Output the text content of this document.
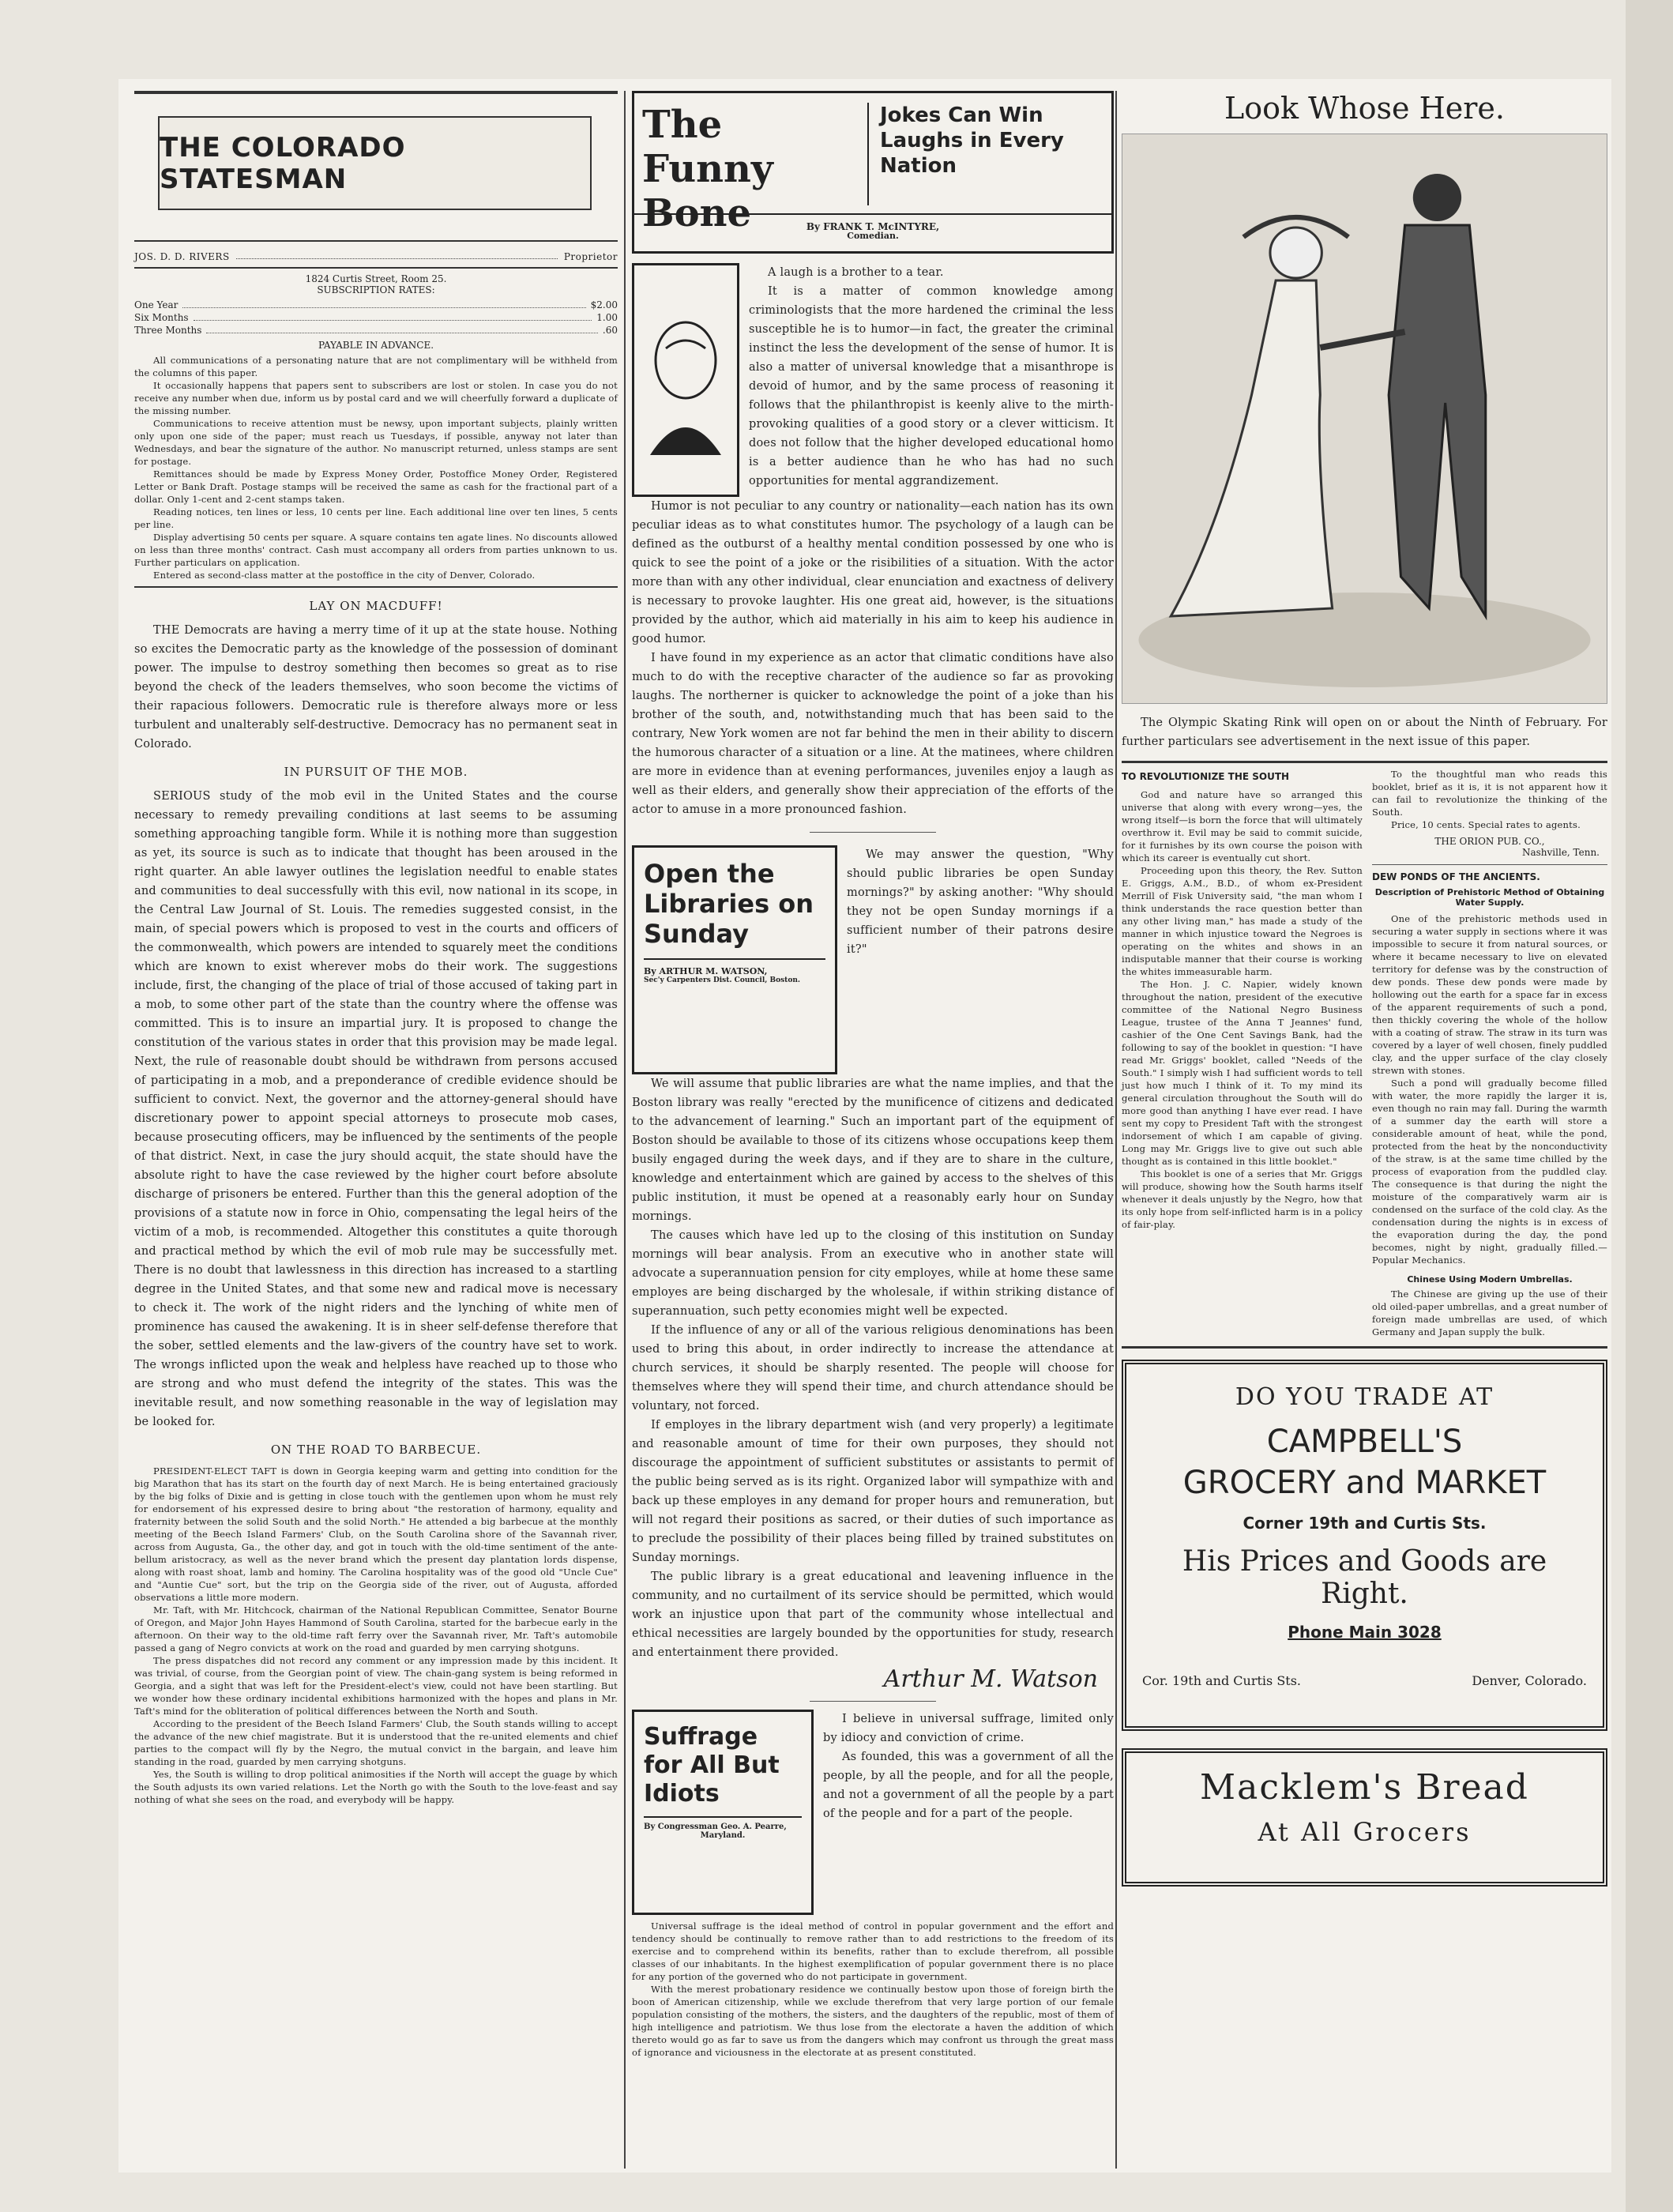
THE COLORADO STATESMAN
JOS. D. D. RIVERS	Proprietor
1824 Curtis Street, Room 25.
SUBSCRIPTION RATES:
One Year	$2.00
Six Months	1.00
Three Months	.60
PAYABLE IN ADVANCE.

All communications of a personating nature that are not complimentary will be withheld from the columns of this paper.

It occasionally happens that papers sent to subscribers are lost or stolen. In case you do not receive any number when due, inform us by postal card and we will cheerfully forward a duplicate of the missing number.

Communications to receive attention must be newsy, upon important subjects, plainly written only upon one side of the paper; must reach us Tuesdays, if possible, anyway not later than Wednesdays, and bear the signature of the author. No manuscript returned, unless stamps are sent for postage.

Remittances should be made by Express Money Order, Postoffice Money Order, Registered Letter or Bank Draft. Postage stamps will be received the same as cash for the fractional part of a dollar. Only 1-cent and 2-cent stamps taken.

Reading notices, ten lines or less, 10 cents per line. Each additional line over ten lines, 5 cents per line.

Display advertising 50 cents per square. A square contains ten agate lines. No discounts allowed on less than three months' contract. Cash must accompany all orders from parties unknown to us. Further particulars on application.

Entered as second-class matter at the postoffice in the city of Denver, Colorado.

LAY ON MACDUFF!

THE Democrats are having a merry time of it up at the state house. Nothing so excites the Democratic party as the knowledge of the possession of dominant power. The impulse to destroy something then becomes so great as to rise beyond the check of the leaders themselves, who soon become the victims of their rapacious followers. Democratic rule is therefore always more or less turbulent and unalterably self-destructive. Democracy has no permanent seat in Colorado.

IN PURSUIT OF THE MOB.

SERIOUS study of the mob evil in the United States and the course necessary to remedy prevailing conditions at last seems to be assuming something approaching tangible form. While it is nothing more than suggestion as yet, its source is such as to indicate that thought has been aroused in the right quarter. An able lawyer outlines the legislation needful to enable states and communities to deal successfully with this evil, now national in its scope, in the Central Law Journal of St. Louis. The remedies suggested consist, in the main, of special powers which is proposed to vest in the courts and officers of the commonwealth, which powers are intended to squarely meet the conditions which are known to exist wherever mobs do their work. The suggestions include, first, the changing of the place of trial of those accused of taking part in a mob, to some other part of the state than the country where the offense was committed. This is to insure an impartial jury. It is proposed to change the constitution of the various states in order that this provision may be made legal. Next, the rule of reasonable doubt should be withdrawn from persons accused of participating in a mob, and a preponderance of credible evidence should be sufficient to convict. Next, the governor and the attorney-general should have discretionary power to appoint special attorneys to prosecute mob cases, because prosecuting officers, may be influenced by the sentiments of the people of that district. Next, in case the jury should acquit, the state should have the absolute right to have the case reviewed by the higher court before absolute discharge of prisoners be entered. Further than this the general adoption of the provisions of a statute now in force in Ohio, compensating the legal heirs of the victim of a mob, is recommended. Altogether this constitutes a quite thorough and practical method by which the evil of mob rule may be successfully met. There is no doubt that lawlessness in this direction has increased to a startling degree in the United States, and that some new and radical move is necessary to check it. The work of the night riders and the lynching of white men of prominence has caused the awakening. It is in sheer self-defense therefore that the sober, settled elements and the law-givers of the country have set to work. The wrongs inflicted upon the weak and helpless have reached up to those who are strong and who must defend the integrity of the states. This was the inevitable result, and now something reasonable in the way of legislation may be looked for.

ON THE ROAD TO BARBECUE.

PRESIDENT-ELECT TAFT is down in Georgia keeping warm and getting into condition for the big Marathon that has its start on the fourth day of next March. He is being entertained graciously by the big folks of Dixie and is getting in close touch with the gentlemen upon whom he must rely for endorsement of his expressed desire to bring about "the restoration of harmony, equality and fraternity between the solid South and the solid North." He attended a big barbecue at the monthly meeting of the Beech Island Farmers' Club, on the South Carolina shore of the Savannah river, across from Augusta, Ga., the other day, and got in touch with the old-time sentiment of the ante-bellum aristocracy, as well as the never brand which the present day plantation lords dispense, along with roast shoat, lamb and hominy. The Carolina hospitality was of the good old "Uncle Cue" and "Auntie Cue" sort, but the trip on the Georgia side of the river, out of Augusta, afforded observations a little more modern.

Mr. Taft, with Mr. Hitchcock, chairman of the National Republican Committee, Senator Bourne of Oregon, and Major John Hayes Hammond of South Carolina, started for the barbecue early in the afternoon. On their way to the old-time raft ferry over the Savannah river, Mr. Taft's automobile passed a gang of Negro convicts at work on the road and guarded by men carrying shotguns.

The press dispatches did not record any comment or any impression made by this incident. It was trivial, of course, from the Georgian point of view. The chain-gang system is being reformed in Georgia, and a sight that was left for the President-elect's view, could not have been startling. But we wonder how these ordinary incidental exhibitions harmonized with the hopes and plans in Mr. Taft's mind for the obliteration of political differences between the North and South.

According to the president of the Beech Island Farmers' Club, the South stands willing to accept the advance of the new chief magistrate. But it is understood that the re-united elements and chief parties to the compact will fly by the Negro, the mutual convict in the bargain, and leave him standing in the road, guarded by men carrying shotguns.

Yes, the South is willing to drop political animosities if the North will accept the guage by which the South adjusts its own varied relations. Let the North go with the South to the love-feast and say nothing of what she sees on the road, and everybody will be happy.

The Funny Bone
Jokes Can Win Laughs in Every Nation
By FRANK T. McINTYRE,
Comedian.

A laugh is a brother to a tear.

It is a matter of common knowledge among criminologists that the more hardened the criminal the less susceptible he is to humor—in fact, the greater the criminal instinct the less the development of the sense of humor. It is also a matter of universal knowledge that a misanthrope is devoid of humor, and by the same process of reasoning it follows that the philanthropist is keenly alive to the mirth-provoking qualities of a good story or a clever witticism. It does not follow that the higher developed educational homo is a better audience than he who has had no such opportunities for mental aggrandizement.

Humor is not peculiar to any country or nationality—each nation has its own peculiar ideas as to what constitutes humor. The psychology of a laugh can be defined as the outburst of a healthy mental condition possessed by one who is quick to see the point of a joke or the risibilities of a situation. With the actor more than with any other individual, clear enunciation and exactness of delivery is necessary to provoke laughter. His one great aid, however, is the situations provided by the author, which aid materially in his aim to keep his audience in good humor.

I have found in my experience as an actor that climatic conditions have also much to do with the receptive character of the audience so far as provoking laughs. The northerner is quicker to acknowledge the point of a joke than his brother of the south, and, notwithstanding much that has been said to the contrary, New York women are not far behind the men in their ability to discern the humorous character of a situation or a line. At the matinees, where children are more in evidence than at evening performances, juveniles enjoy a laugh as well as their elders, and generally show their appreciation of the efforts of the actor to amuse in a more pronounced fashion.

Open the Libraries on Sunday
By ARTHUR M. WATSON,
Sec'y Carpenters Dist. Council, Boston.

We may answer the question, "Why should public libraries be open Sunday mornings?" by asking another: "Why should they not be open Sunday mornings if a sufficient number of their patrons desire it?"

We will assume that public libraries are what the name implies, and that the Boston library was really "erected by the munificence of citizens and dedicated to the advancement of learning." Such an important part of the equipment of Boston should be available to those of its citizens whose occupations keep them busily engaged during the week days, and if they are to share in the culture, knowledge and entertainment which are gained by access to the shelves of this public institution, it must be opened at a reasonably early hour on Sunday mornings.

The causes which have led up to the closing of this institution on Sunday mornings will bear analysis. From an executive who in another state will advocate a superannuation pension for city employes, while at home these same employes are being discharged by the wholesale, if within striking distance of superannuation, such petty economies might well be expected.

If the influence of any or all of the various religious denominations has been used to bring this about, in order indirectly to increase the attendance at church services, it should be sharply resented. The people will choose for themselves where they will spend their time, and church attendance should be voluntary, not forced.

If employes in the library department wish (and very properly) a legitimate and reasonable amount of time for their own purposes, they should not discourage the appointment of sufficient substitutes or assistants to permit of the public being served as is its right. Organized labor will sympathize with and back up these employes in any demand for proper hours and remuneration, but will not regard their positions as sacred, or their duties of such importance as to preclude the possibility of their places being filled by trained substitutes on Sunday mornings.

The public library is a great educational and leavening influence in the community, and no curtailment of its service should be permitted, which would work an injustice upon that part of the community whose intellectual and ethical necessities are largely bounded by the opportunities for study, research and entertainment there provided.

Arthur M. Watson
Suffrage for All But Idiots
By Congressman Geo. A. Pearre,
Maryland.

I believe in universal suffrage, limited only by idiocy and conviction of crime.

As founded, this was a government of all the people, by all the people, and for all the people, and not a government of all the people by a part of the people and for a part of the people.

Universal suffrage is the ideal method of control in popular government and the effort and tendency should be continually to remove rather than to add restrictions to the freedom of its exercise and to comprehend within its benefits, rather than to exclude therefrom, all possible classes of our inhabitants. In the highest exemplification of popular government there is no place for any portion of the governed who do not participate in government.

With the merest probationary residence we continually bestow upon those of foreign birth the boon of American citizenship, while we exclude therefrom that very large portion of our female population consisting of the mothers, the sisters, and the daughters of the republic, most of them of high intelligence and patriotism. We thus lose from the electorate a haven the addition of which thereto would go as far to save us from the dangers which may confront us through the great mass of ignorance and viciousness in the electorate at as present constituted.

Look Whose Here.

The Olympic Skating Rink will open on or about the Ninth of February. For further particulars see advertisement in the next issue of this paper.

TO REVOLUTIONIZE THE SOUTH

God and nature have so arranged this universe that along with every wrong—yes, the wrong itself—is born the force that will ultimately overthrow it. Evil may be said to commit suicide, for it furnishes by its own course the poison with which its career is eventually cut short.

Proceeding upon this theory, the Rev. Sutton E. Griggs, A.M., B.D., of whom ex-President Merrill of Fisk University said, "the man whom I think understands the race question better than any other living man," has made a study of the manner in which injustice toward the Negroes is operating on the whites and shows in an indisputable manner that their course is working the whites immeasurable harm.

The Hon. J. C. Napier, widely known throughout the nation, president of the executive committee of the National Negro Business League, trustee of the Anna T Jeannes' fund, cashier of the One Cent Savings Bank, had the following to say of the booklet in question: "I have read Mr. Griggs' booklet, called "Needs of the South." I simply wish I had sufficient words to tell just how much I think of it. To my mind its general circulation throughout the South will do more good than anything I have ever read. I have sent my copy to President Taft with the strongest indorsement of which I am capable of giving. Long may Mr. Griggs live to give out such able thought as is contained in this little booklet."

This booklet is one of a series that Mr. Griggs will produce, showing how the South harms itself whenever it deals unjustly by the Negro, how that its only hope from self-inflicted harm is in a policy of fair-play.

To the thoughtful man who reads this booklet, brief as it is, it is not apparent how it can fail to revolutionize the thinking of the South.

Price, 10 cents. Special rates to agents.

THE ORION PUB. CO.,
Nashville, Tenn.
DEW PONDS OF THE ANCIENTS.
Description of Prehistoric Method of Obtaining Water Supply.

One of the prehistoric methods used in securing a water supply in sections where it was impossible to secure it from natural sources, or where it became necessary to live on elevated territory for defense was by the construction of dew ponds. These dew ponds were made by hollowing out the earth for a space far in excess of the apparent requirements of such a pond, then thickly covering the whole of the hollow with a coating of straw. The straw in its turn was covered by a layer of well chosen, finely puddled clay, and the upper surface of the clay closely strewn with stones.

Such a pond will gradually become filled with water, the more rapidly the larger it is, even though no rain may fall. During the warmth of a summer day the earth will store a considerable amount of heat, while the pond, protected from the heat by the nonconductivity of the straw, is at the same time chilled by the process of evaporation from the puddled clay. The consequence is that during the night the moisture of the comparatively warm air is condensed on the surface of the cold clay. As the condensation during the nights is in excess of the evaporation during the day, the pond becomes, night by night, gradually filled.—Popular Mechanics.

Chinese Using Modern Umbrellas.

The Chinese are giving up the use of their old oiled-paper umbrellas, and a great number of foreign made umbrellas are used, of which Germany and Japan supply the bulk.

DO YOU TRADE AT
CAMPBELL'S
GROCERY and MARKET
Corner 19th and Curtis Sts.
His Prices and Goods are Right.
Phone Main 3028
Cor. 19th and Curtis Sts.	Denver, Colorado.
Macklem's Bread
At All Grocers
